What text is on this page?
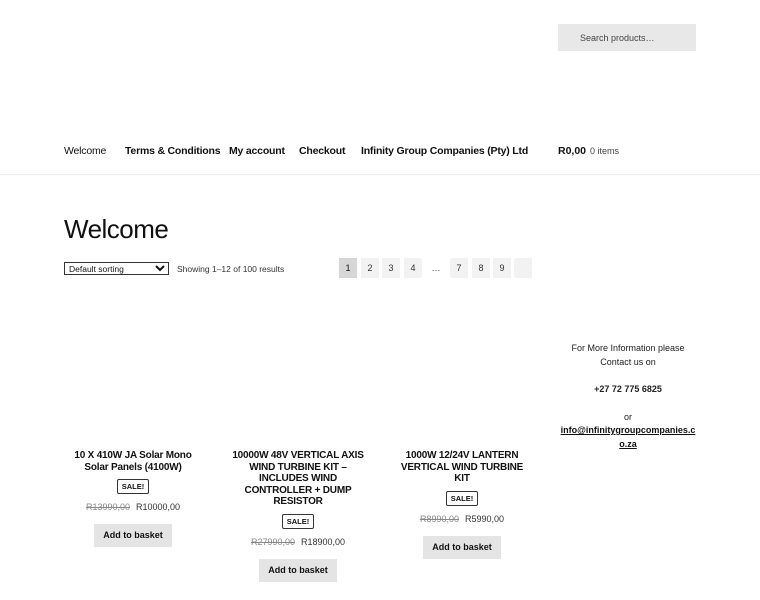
Search products…
Welcome Terms & Conditions My account Checkout Infinity Group Companies (Pty) Ltd	R0,00 0 items
Welcome
Default sorting
Showing 1–12 of 100 results	1	2	3	4	…	7	8	9
10 X 410W JA Solar Mono Solar Panels (4100W)
SALE!
R13990,00 R10000,00
Add to basket
10000W 48V VERTICAL AXIS WIND TURBINE KIT – INCLUDES WIND CONTROLLER + DUMP RESISTOR
SALE!
R27990,00 R18900,00
Add to basket
1000W 12/24V LANTERN VERTICAL WIND TURBINE KIT
SALE!
R8990,00 R5990,00
Add to basket
For More Information please Contact us on
+27 72 775 6825
or
info@infinitygroupcompanies.co.za
